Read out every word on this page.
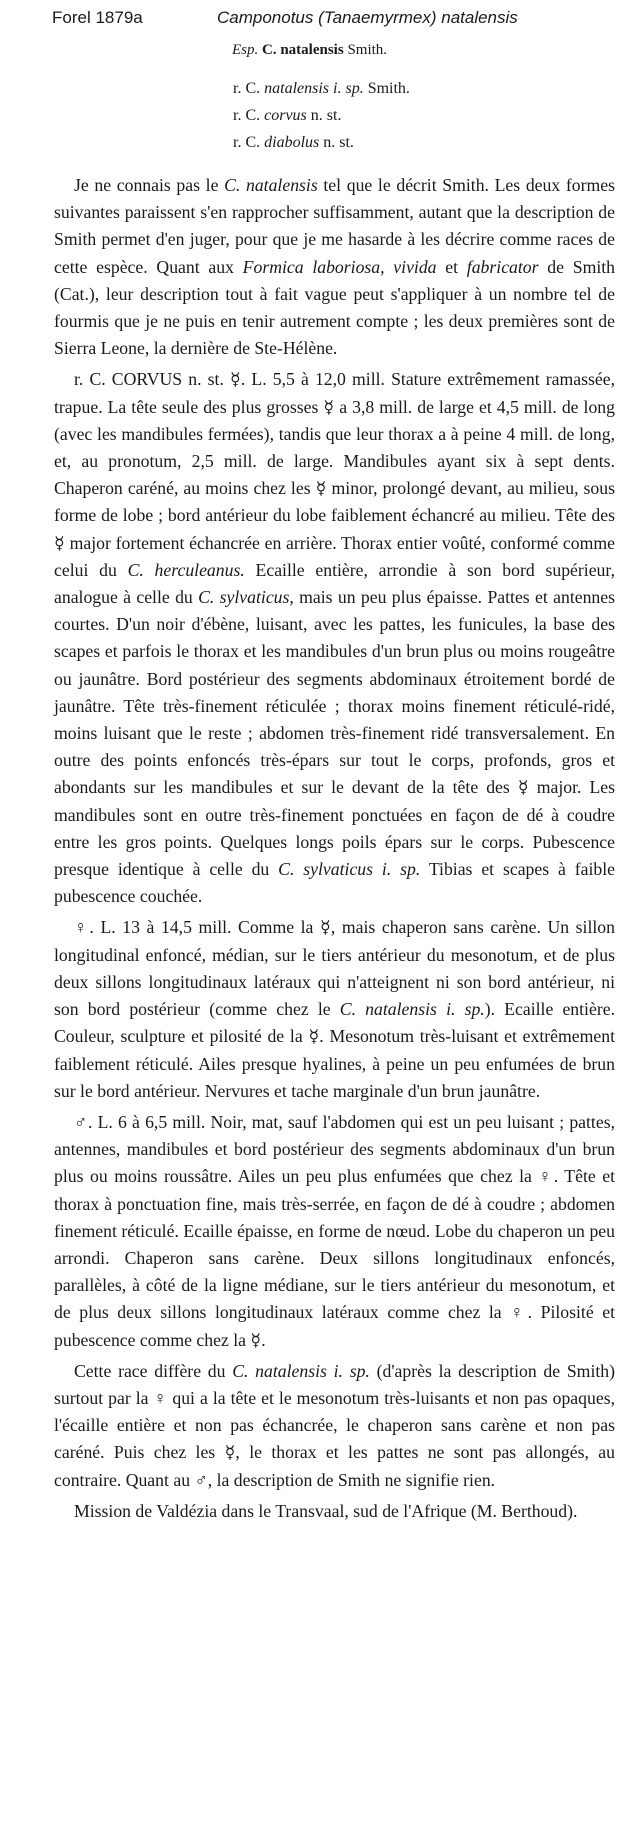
Forel 1879a	Camponotus (Tanaemyrmex) natalensis
Esp. C. natalensis Smith.
r. C. natalensis i. sp. Smith.
r. C. corvus n. st.
r. C. diabolus n. st.

Je ne connais pas le C. natalensis tel que le décrit Smith. Les deux formes suivantes paraissent s'en rapprocher suffisamment, autant que la description de Smith permet d'en juger, pour que je me hasarde à les décrire comme races de cette espèce. Quant aux Formica laboriosa, vivida et fabricator de Smith (Cat.), leur description tout à fait vague peut s'appliquer à un nombre tel de fourmis que je ne puis en tenir autrement compte ; les deux premières sont de Sierra Leone, la dernière de Ste-Hélène.

r. C. CORVUS n. st. ☿. L. 5,5 à 12,0 mill. Stature extrêmement ramassée, trapue. La tête seule des plus grosses ☿ a 3,8 mill. de large et 4,5 mill. de long (avec les mandibules fermées), tandis que leur thorax a à peine 4 mill. de long, et, au pronotum, 2,5 mill. de large. Mandibules ayant six à sept dents. Chaperon caréné, au moins chez les ☿ minor, prolongé devant, au milieu, sous forme de lobe ; bord antérieur du lobe faiblement échancré au milieu. Tête des ☿ major fortement échancrée en arrière. Thorax entier voûté, conformé comme celui du C. herculeanus. Ecaille entière, arrondie à son bord supérieur, analogue à celle du C. sylvaticus, mais un peu plus épaisse. Pattes et antennes courtes. D'un noir d'ébène, luisant, avec les pattes, les funicules, la base des scapes et parfois le thorax et les mandibules d'un brun plus ou moins rougeâtre ou jaunâtre. Bord postérieur des segments abdominaux étroitement bordé de jaunâtre. Tête très-finement réticulée ; thorax moins finement réticulé-ridé, moins luisant que le reste ; abdomen très-finement ridé transversalement. En outre des points enfoncés très-épars sur tout le corps, profonds, gros et abondants sur les mandibules et sur le devant de la tête des ☿ major. Les mandibules sont en outre très-finement ponctuées en façon de dé à coudre entre les gros points. Quelques longs poils épars sur le corps. Pubescence presque identique à celle du C. sylvaticus i. sp. Tibias et scapes à faible pubescence couchée.

♀. L. 13 à 14,5 mill. Comme la ☿, mais chaperon sans carène. Un sillon longitudinal enfoncé, médian, sur le tiers antérieur du mesonotum, et de plus deux sillons longitudinaux latéraux qui n'atteignent ni son bord antérieur, ni son bord postérieur (comme chez le C. natalensis i. sp.). Ecaille entière. Couleur, sculpture et pilosité de la ☿. Mesonotum très-luisant et extrêmement faiblement réticulé. Ailes presque hyalines, à peine un peu enfumées de brun sur le bord antérieur. Nervures et tache marginale d'un brun jaunâtre.

♂. L. 6 à 6,5 mill. Noir, mat, sauf l'abdomen qui est un peu luisant ; pattes, antennes, mandibules et bord postérieur des segments abdominaux d'un brun plus ou moins roussâtre. Ailes un peu plus enfumées que chez la ♀. Tête et thorax à ponctuation fine, mais très-serrée, en façon de dé à coudre ; abdomen finement réticulé. Ecaille épaisse, en forme de nœud. Lobe du chaperon un peu arrondi. Chaperon sans carène. Deux sillons longitudinaux enfoncés, parallèles, à côté de la ligne médiane, sur le tiers antérieur du mesonotum, et de plus deux sillons longitudinaux latéraux comme chez la ♀. Pilosité et pubescence comme chez la ☿.

Cette race diffère du C. natalensis i. sp. (d'après la description de Smith) surtout par la ♀ qui a la tête et le mesonotum très-luisants et non pas opaques, l'écaille entière et non pas échancrée, le chaperon sans carène et non pas caréné. Puis chez les ☿, le thorax et les pattes ne sont pas allongés, au contraire. Quant au ♂, la description de Smith ne signifie rien.

Mission de Valdézia dans le Transvaal, sud de l'Afrique (M. Berthoud).
